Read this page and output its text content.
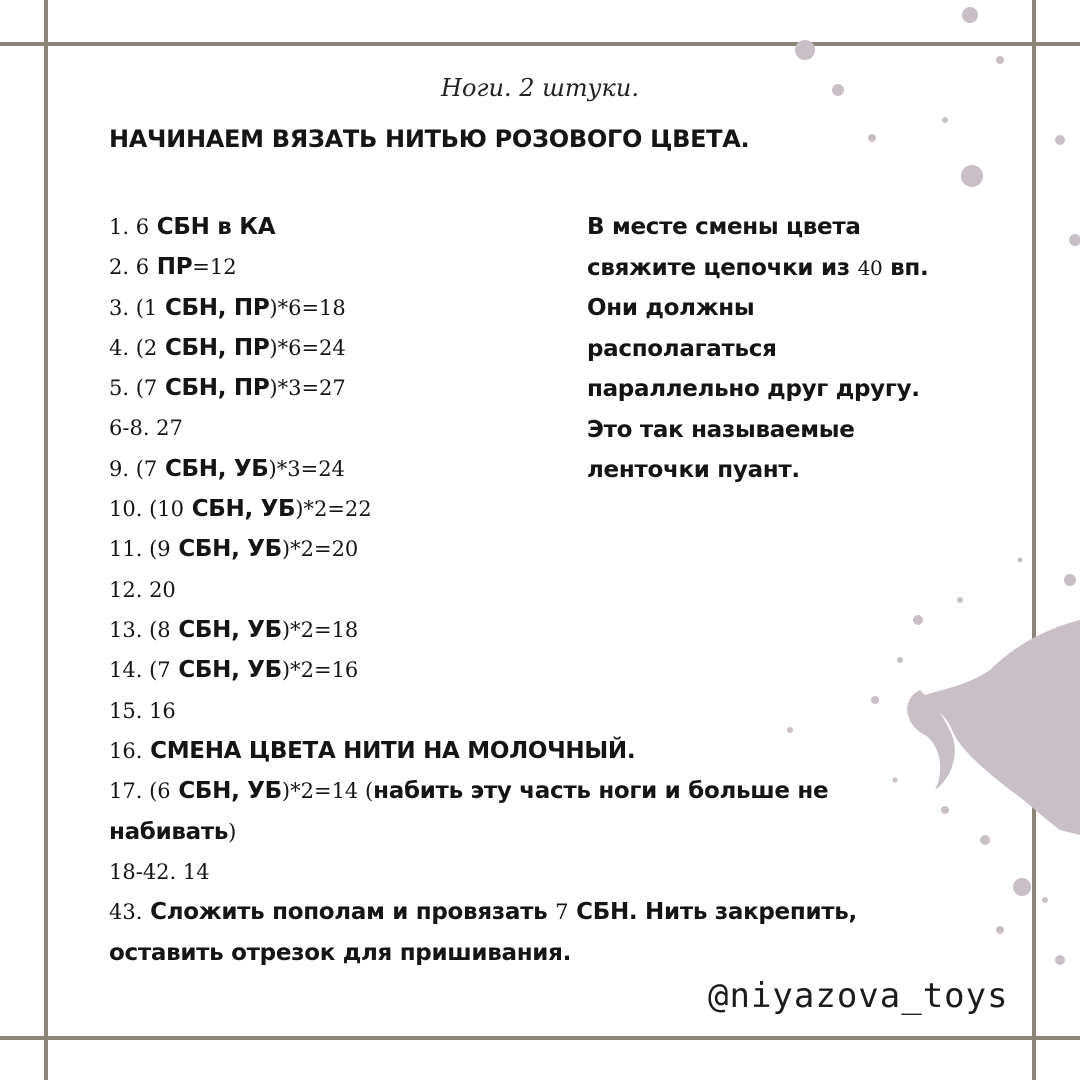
Ноги. 2 штуки.
НАЧИНАЕМ ВЯЗАТЬ НИТЬЮ РОЗОВОГО ЦВЕТА.
1. 6 СБН в КА
2. 6 ПР=12
3. (1 СБН, ПР)*6=18
4. (2 СБН, ПР)*6=24
5. (7 СБН, ПР)*3=27
6-8. 27
9. (7 СБН, УБ)*3=24
10. (10 СБН, УБ)*2=22
11. (9 СБН, УБ)*2=20
12. 20
13. (8 СБН, УБ)*2=18
14. (7 СБН, УБ)*2=16
15. 16
16. СМЕНА ЦВЕТА НИТИ НА МОЛОЧНЫЙ.
17. (6 СБН, УБ)*2=14 (набить эту часть ноги и больше не набивать)
18-42. 14
43. Сложить пополам и провязать 7 СБН. Нить закрепить, оставить отрезок для пришивания.
В месте смены цвета
свяжите цепочки из 40 вп.
Они должны
располагаться
параллельно друг другу.
Это так называемые
ленточки пуант.
@niyazova_toys
